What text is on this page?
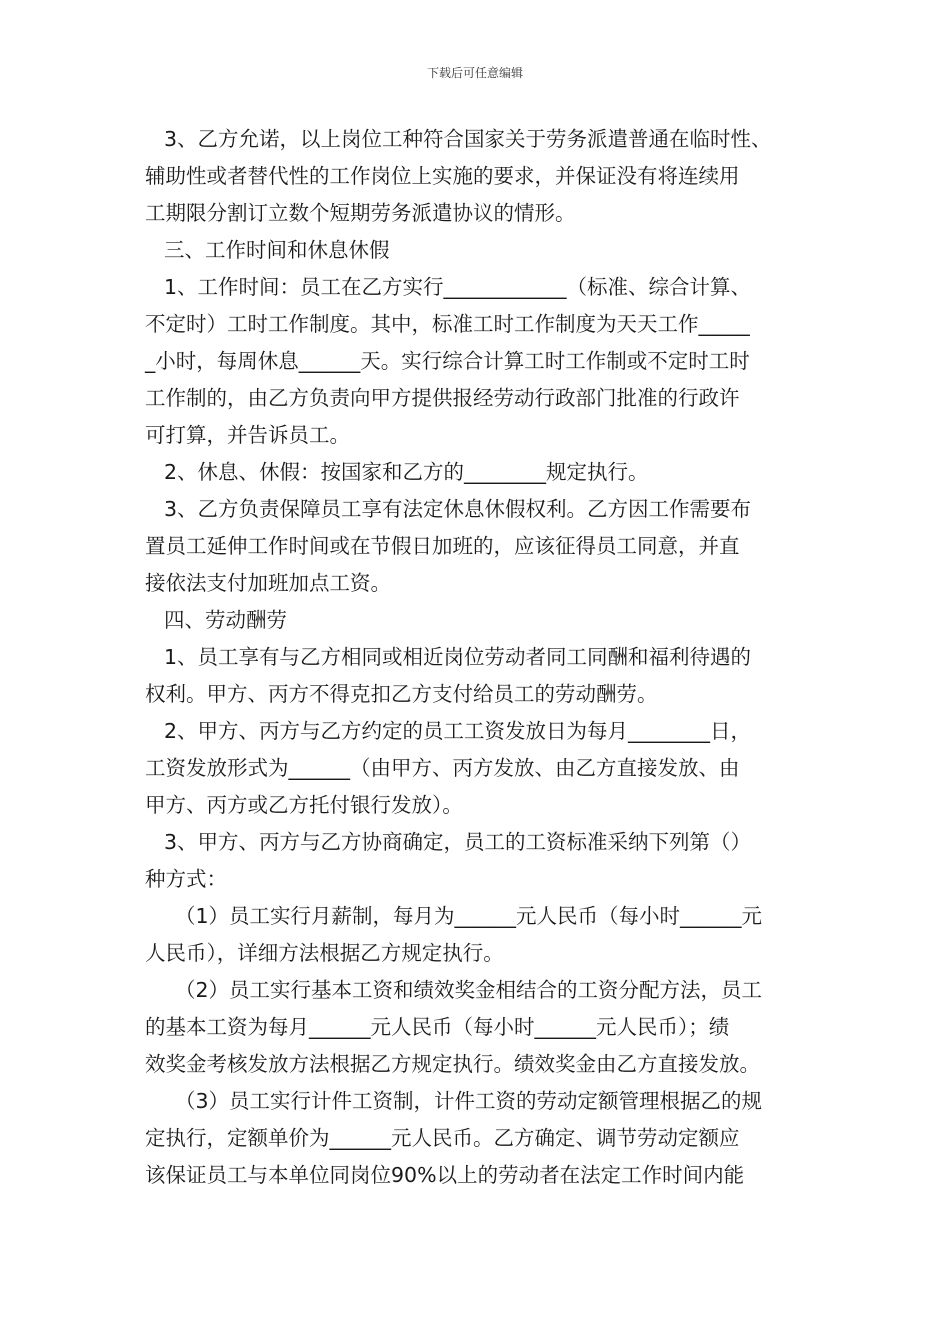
下载后可任意编辑
3、乙方允诺，以上岗位工种符合国家关于劳务派遣普通在临时性、
辅助性或者替代性的工作岗位上实施的要求，并保证没有将连续用
工期限分割订立数个短期劳务派遣协议的情形。
三、工作时间和休息休假
1、工作时间：员工在乙方实行____________（标准、综合计算、
不定时）工时工作制度。其中，标准工时工作制度为天天工作_____
_小时，每周休息______天。实行综合计算工时工作制或不定时工时
工作制的，由乙方负责向甲方提供报经劳动行政部门批准的行政许
可打算，并告诉员工。
2、休息、休假：按国家和乙方的________规定执行。
3、乙方负责保障员工享有法定休息休假权利。乙方因工作需要布
置员工延伸工作时间或在节假日加班的，应该征得员工同意，并直
接依法支付加班加点工资。
四、劳动酬劳
1、员工享有与乙方相同或相近岗位劳动者同工同酬和福利待遇的
权利。甲方、丙方不得克扣乙方支付给员工的劳动酬劳。
2、甲方、丙方与乙方约定的员工工资发放日为每月________日，
工资发放形式为______（由甲方、丙方发放、由乙方直接发放、由
甲方、丙方或乙方托付银行发放）。
3、甲方、丙方与乙方协商确定，员工的工资标准采纳下列第（）
种方式：
（1）员工实行月薪制，每月为______元人民币（每小时______元
人民币），详细方法根据乙方规定执行。
（2）员工实行基本工资和绩效奖金相结合的工资分配方法，员工
的基本工资为每月______元人民币（每小时______元人民币）；绩
效奖金考核发放方法根据乙方规定执行。绩效奖金由乙方直接发放。
（3）员工实行计件工资制，计件工资的劳动定额管理根据乙的规
定执行，定额单价为______元人民币。乙方确定、调节劳动定额应
该保证员工与本单位同岗位90%以上的劳动者在法定工作时间内能
